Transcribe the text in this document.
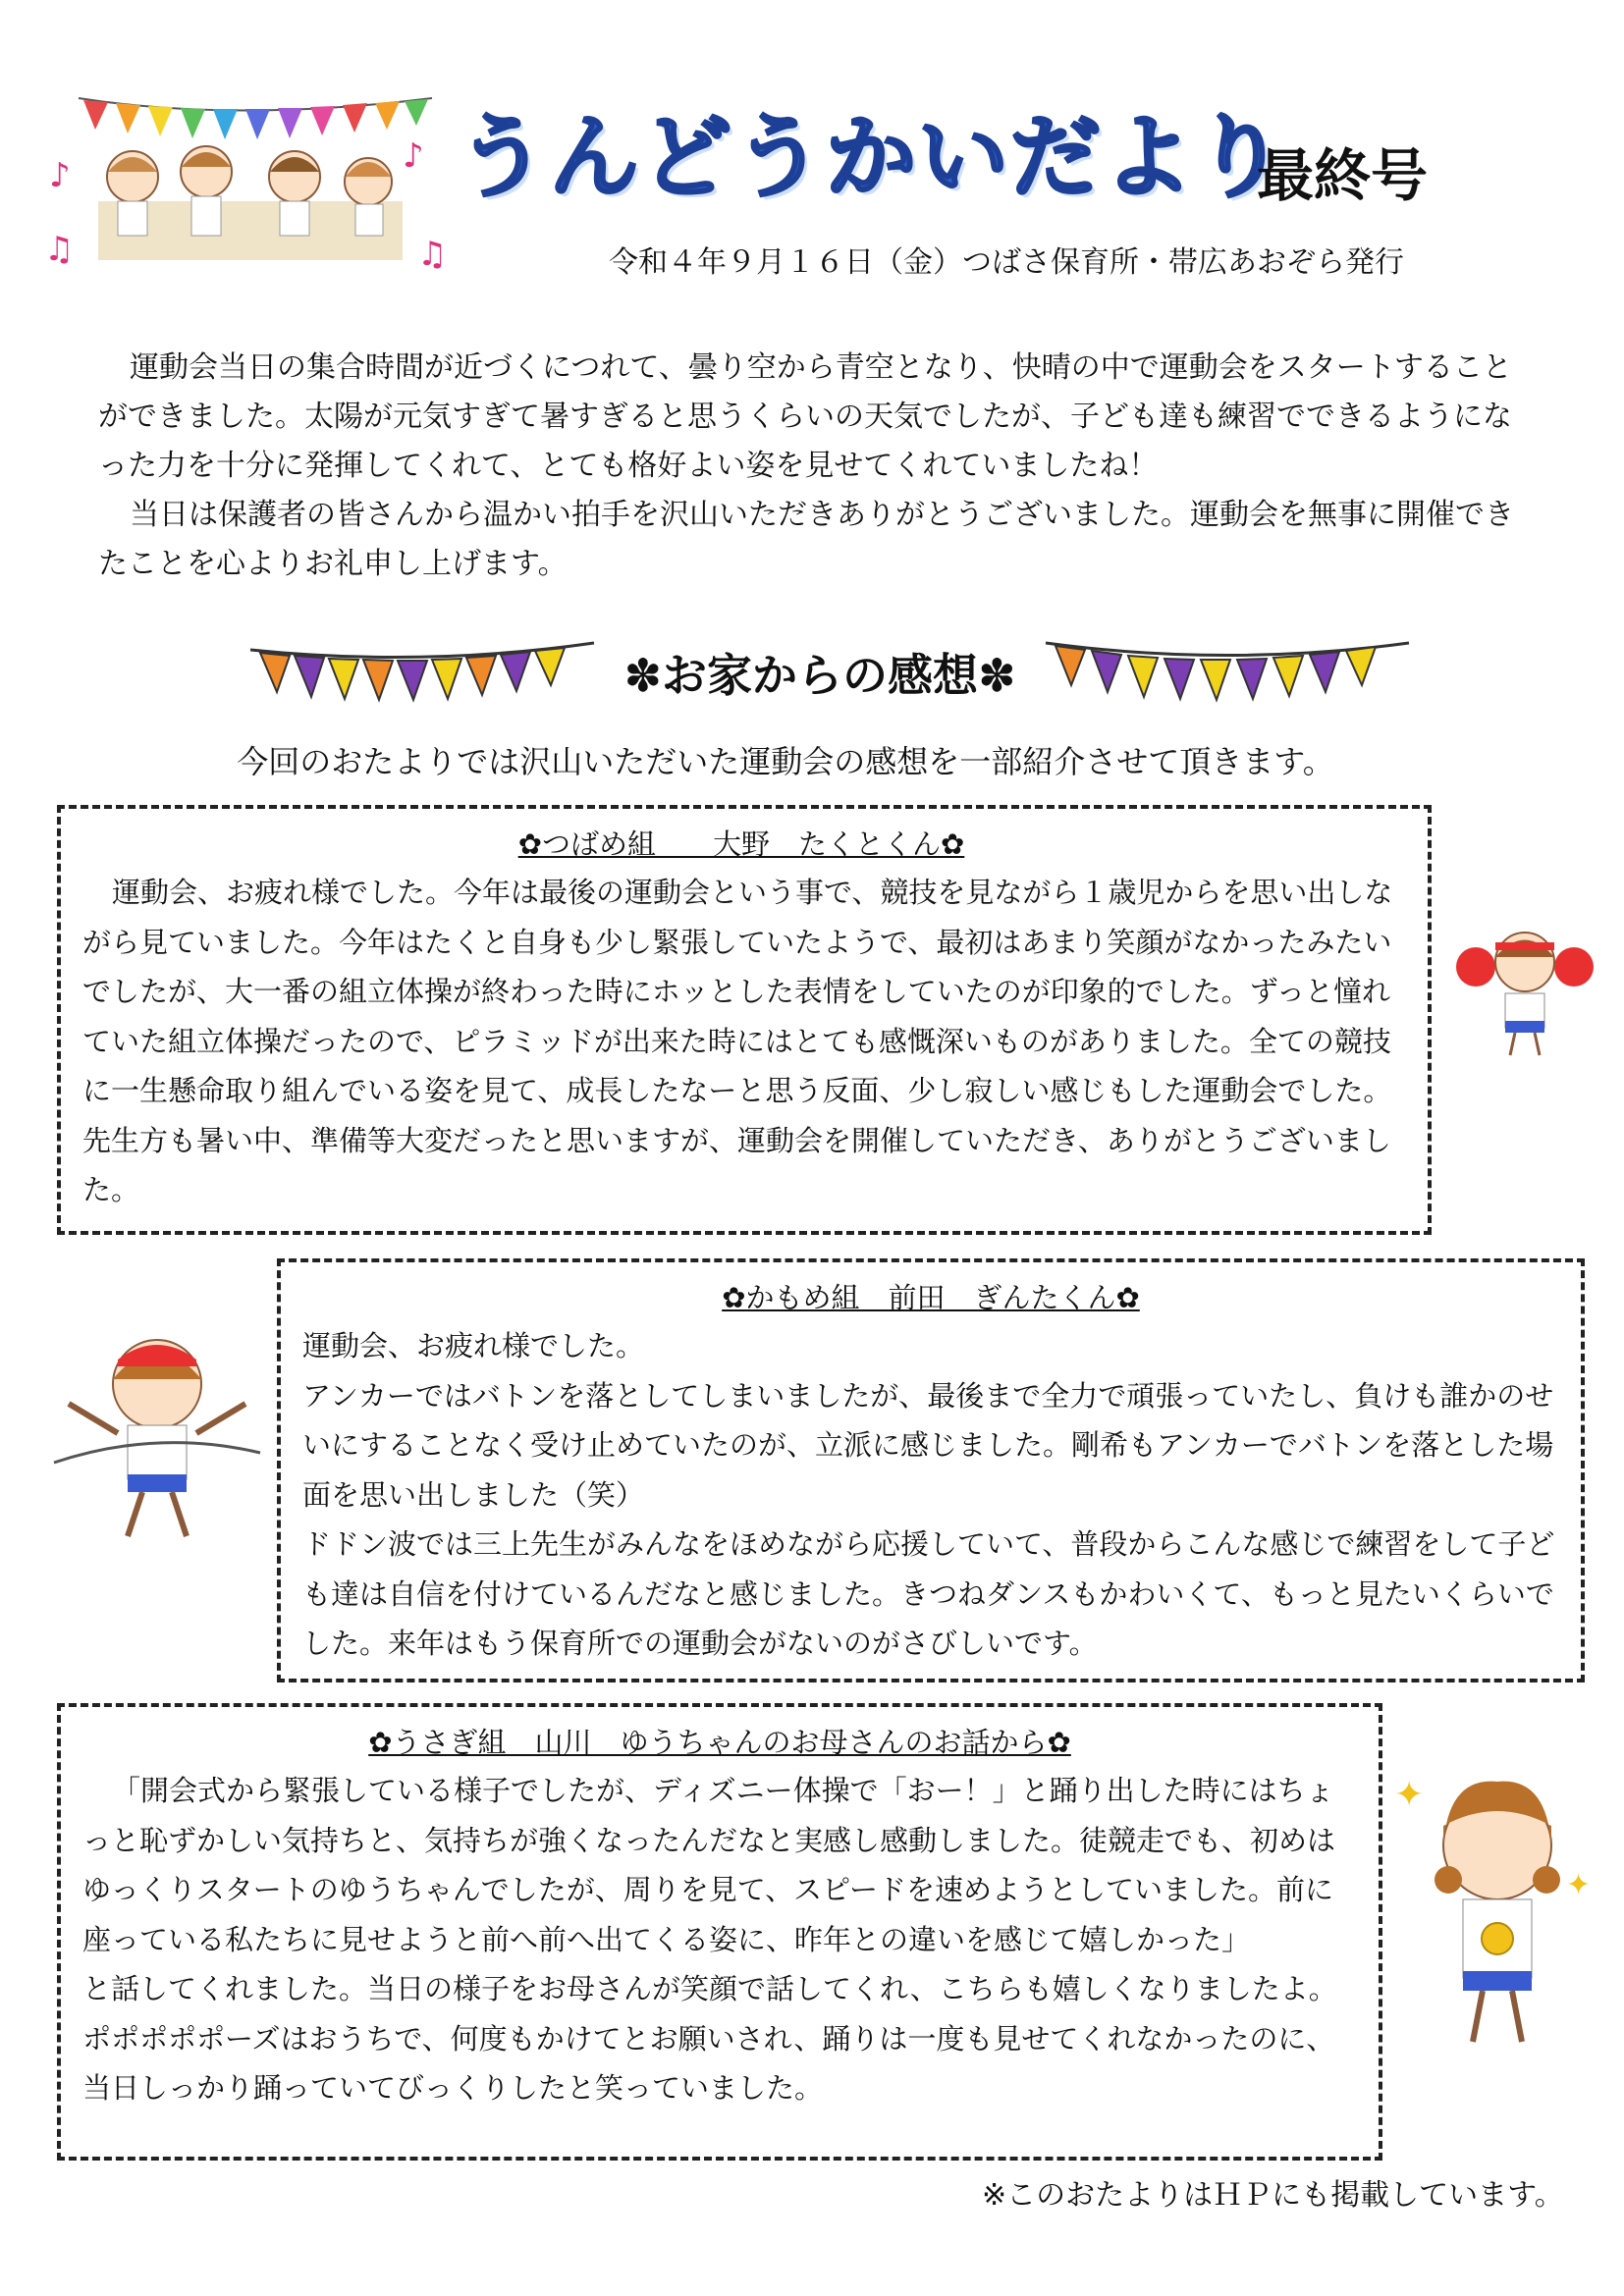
♪
♫
♪
♫
うんどうかいだより
最終号
令和４年９月１６日（金）つばさ保育所・帯広あおぞら発行

運動会当日の集合時間が近づくにつれて、曇り空から青空となり、快晴の中で運動会をスタートすることができました。太陽が元気すぎて暑すぎると思うくらいの天気でしたが、子ども達も練習でできるようになった力を十分に発揮してくれて、とても格好よい姿を見せてくれていましたね！

当日は保護者の皆さんから温かい拍手を沢山いただきありがとうございました。運動会を無事に開催できたことを心よりお礼申し上げます。

✽お家からの感想✽
今回のおたよりでは沢山いただいた運動会の感想を一部紹介させて頂きます。
✿つばめ組　　大野　たくとくん✿

運動会、お疲れ様でした。今年は最後の運動会という事で、競技を見ながら１歳児からを思い出しながら見ていました。今年はたくと自身も少し緊張していたようで、最初はあまり笑顔がなかったみたいでしたが、大一番の組立体操が終わった時にホッとした表情をしていたのが印象的でした。ずっと憧れていた組立体操だったので、ピラミッドが出来た時にはとても感慨深いものがありました。全ての競技に一生懸命取り組んでいる姿を見て、成長したなーと思う反面、少し寂しい感じもした運動会でした。先生方も暑い中、準備等大変だったと思いますが、運動会を開催していただき、ありがとうございました。

✿かもめ組　前田　ぎんたくん✿

運動会、お疲れ様でした。

アンカーではバトンを落としてしまいましたが、最後まで全力で頑張っていたし、負けも誰かのせいにすることなく受け止めていたのが、立派に感じました。剛希もアンカーでバトンを落とした場面を思い出しました（笑）

ドドン波では三上先生がみんなをほめながら応援していて、普段からこんな感じで練習をして子ども達は自信を付けているんだなと感じました。きつねダンスもかわいくて、もっと見たいくらいでした。来年はもう保育所での運動会がないのがさびしいです。

✿うさぎ組　山川　ゆうちゃんのお母さんのお話から✿

「開会式から緊張している様子でしたが、ディズニー体操で「おー！」と踊り出した時にはちょっと恥ずかしい気持ちと、気持ちが強くなったんだなと実感し感動しました。徒競走でも、初めはゆっくりスタートのゆうちゃんでしたが、周りを見て、スピードを速めようとしていました。前に座っている私たちに見せようと前へ前へ出てくる姿に、昨年との違いを感じて嬉しかった」

と話してくれました。当日の様子をお母さんが笑顔で話してくれ、こちらも嬉しくなりましたよ。ポポポポポーズはおうちで、何度もかけてとお願いされ、踊りは一度も見せてくれなかったのに、当日しっかり踊っていてびっくりしたと笑っていました。

※このおたよりはＨＰにも掲載しています。
✦
✦
